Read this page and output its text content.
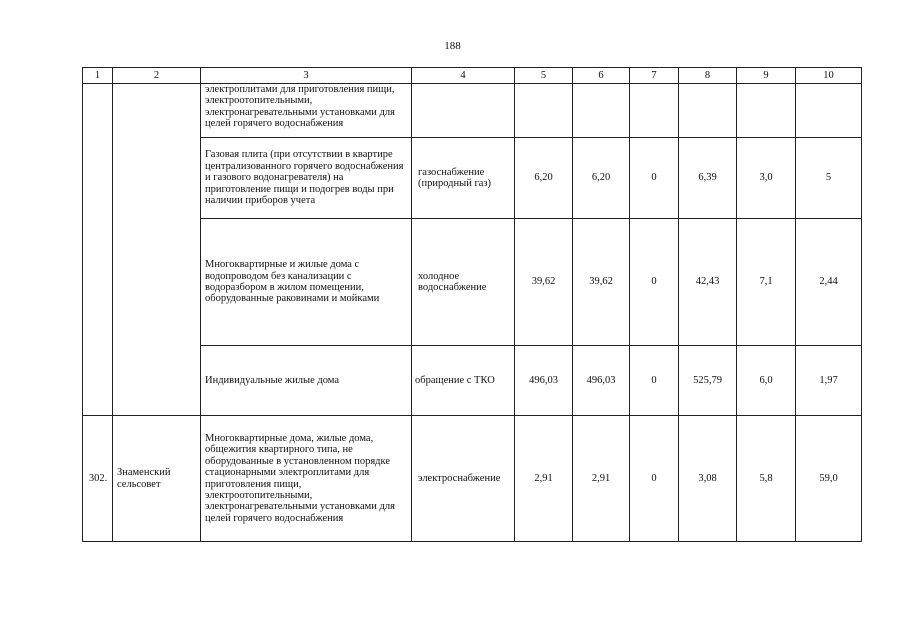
188
1	2	3	4	5	6	7	8	9	10

		электроплитами для приготовления пищи, электроотопительными, электронагревательными установками для целей горячего водоснабжения							

		Газовая плита (при отсутствии в квартире централизованного горячего водоснабжения и газового водонагревателя) на приготовление пищи и подогрев воды при наличии приборов учета	газоснабжение (природный газ)	6,20	6,20	0	6,39	3,0	5

		Многоквартирные и жилые дома с водопроводом без канализации с водоразбором в жилом помещении, оборудованные раковинами и мойками	холодное водоснабжение	39,62	39,62	0	42,43	7,1	2,44

		Индивидуальные жилые дома	обращение с ТКО	496,03	496,03	0	525,79	6,0	1,97
302.	Знаменский сельсовет	Многоквартирные дома, жилые дома, общежития квартирного типа, не оборудованные в установленном порядке стационарными электроплитами для приготовления пищи, электроотопительными, электронагревательными установками для целей горячего водоснабжения	электроснабжение	2,91	2,91	0	3,08	5,8	59,0
